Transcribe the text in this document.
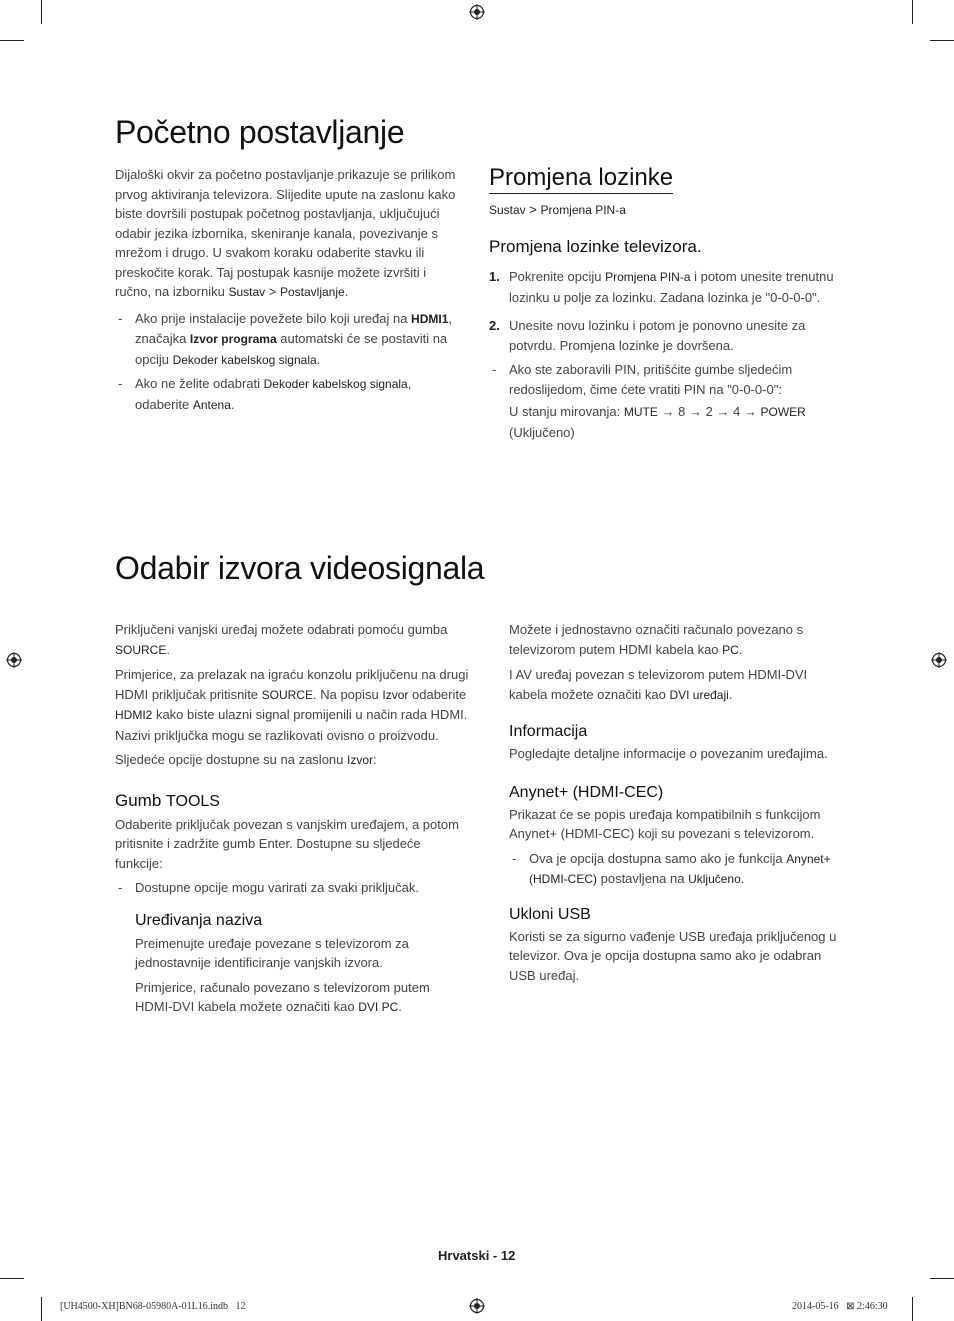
Početno postavljanje

Dijaloški okvir za početno postavljanje prikazuje se prilikom prvog aktiviranja televizora. Slijedite upute na zaslonu kako biste dovršili postupak početnog postavljanja, uključujući odabir jezika izbornika, skeniranje kanala, povezivanje s mrežom i drugo. U svakom koraku odaberite stavku ili preskočite korak. Taj postupak kasnije možete izvršiti i ručno, na izborniku Sustav > Postavljanje.

- Ako prije instalacije povežete bilo koji uređaj na HDMI1, značajka Izvor programa automatski će se postaviti na opciju Dekoder kabelskog signala.

- Ako ne želite odabrati Dekoder kabelskog signala, odaberite Antena.

Promjena lozinke
Sustav > Promjena PIN-a
Promjena lozinke televizora.

1. Pokrenite opciju Promjena PIN-a i potom unesite trenutnu lozinku u polje za lozinku. Zadana lozinka je "0-0-0-0".

2. Unesite novu lozinku i potom je ponovno unesite za potvrdu. Promjena lozinke je dovršena.

- Ako ste zaboravili PIN, pritišćite gumbe sljedećim redoslijedom, čime ćete vratiti PIN na "0-0-0-0":

U stanju mirovanja: MUTE → 8 → 2 → 4 → POWER (Uključeno)

Odabir izvora videosignala

Priključeni vanjski uređaj možete odabrati pomoću gumba SOURCE.

Primjerice, za prelazak na igraću konzolu priključenu na drugi HDMI priključak pritisnite SOURCE. Na popisu Izvor odaberite HDMI2 kako biste ulazni signal promijenili u način rada HDMI. Nazivi priključka mogu se razlikovati ovisno o proizvodu.

Sljedeće opcije dostupne su na zaslonu Izvor:

Gumb TOOLS

Odaberite priključak povezan s vanjskim uređajem, a potom pritisnite i zadržite gumb Enter. Dostupne su sljedeće funkcije:

- Dostupne opcije mogu varirati za svaki priključak.

Uređivanja naziva

Preimenujte uređaje povezane s televizorom za jednostavnije identificiranje vanjskih izvora.

Primjerice, računalo povezano s televizorom putem HDMI-DVI kabela možete označiti kao DVI PC.

Možete i jednostavno označiti računalo povezano s televizorom putem HDMI kabela kao PC.

I AV uređaj povezan s televizorom putem HDMI-DVI kabela možete označiti kao DVI uređaji.

Informacija

Pogledajte detaljne informacije o povezanim uređajima.

Anynet+ (HDMI-CEC)

Prikazat će se popis uređaja kompatibilnih s funkcijom Anynet+ (HDMI-CEC) koji su povezani s televizorom.

- Ova je opcija dostupna samo ako je funkcija Anynet+ (HDMI-CEC) postavljena na Uključeno.

Ukloni USB

Koristi se za sigurno vađenje USB uređaja priključenog u televizor. Ova je opcija dostupna samo ako je odabran USB uređaj.

Hrvatski - 12
[UH4500-XH]BN68-05980A-01L16.indb   12	2014-05-16   ⊠ 2:46:30
